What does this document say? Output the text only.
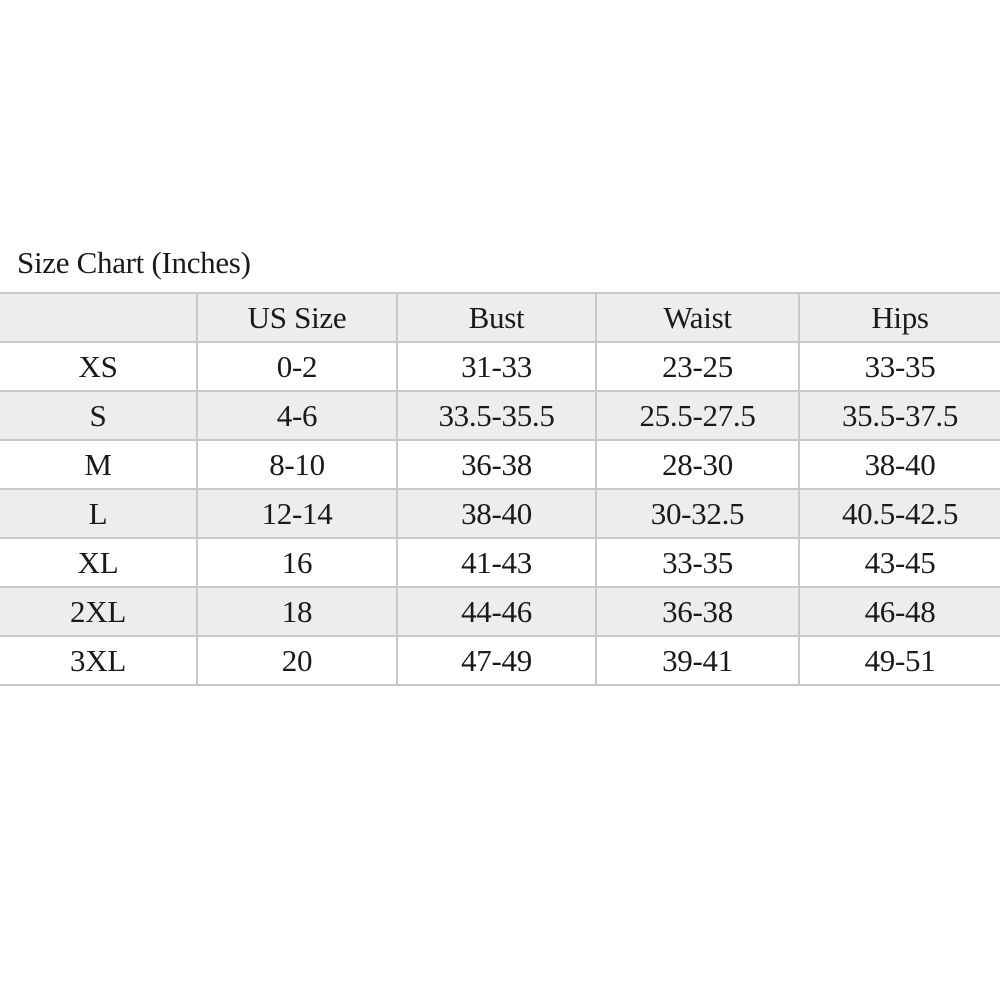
Size Chart (Inches)
	US Size	Bust	Waist	Hips
XS	0-2	31-33	23-25	33-35
S	4-6	33.5-35.5	25.5-27.5	35.5-37.5
M	8-10	36-38	28-30	38-40
L	12-14	38-40	30-32.5	40.5-42.5
XL	16	41-43	33-35	43-45
2XL	18	44-46	36-38	46-48
3XL	20	47-49	39-41	49-51
